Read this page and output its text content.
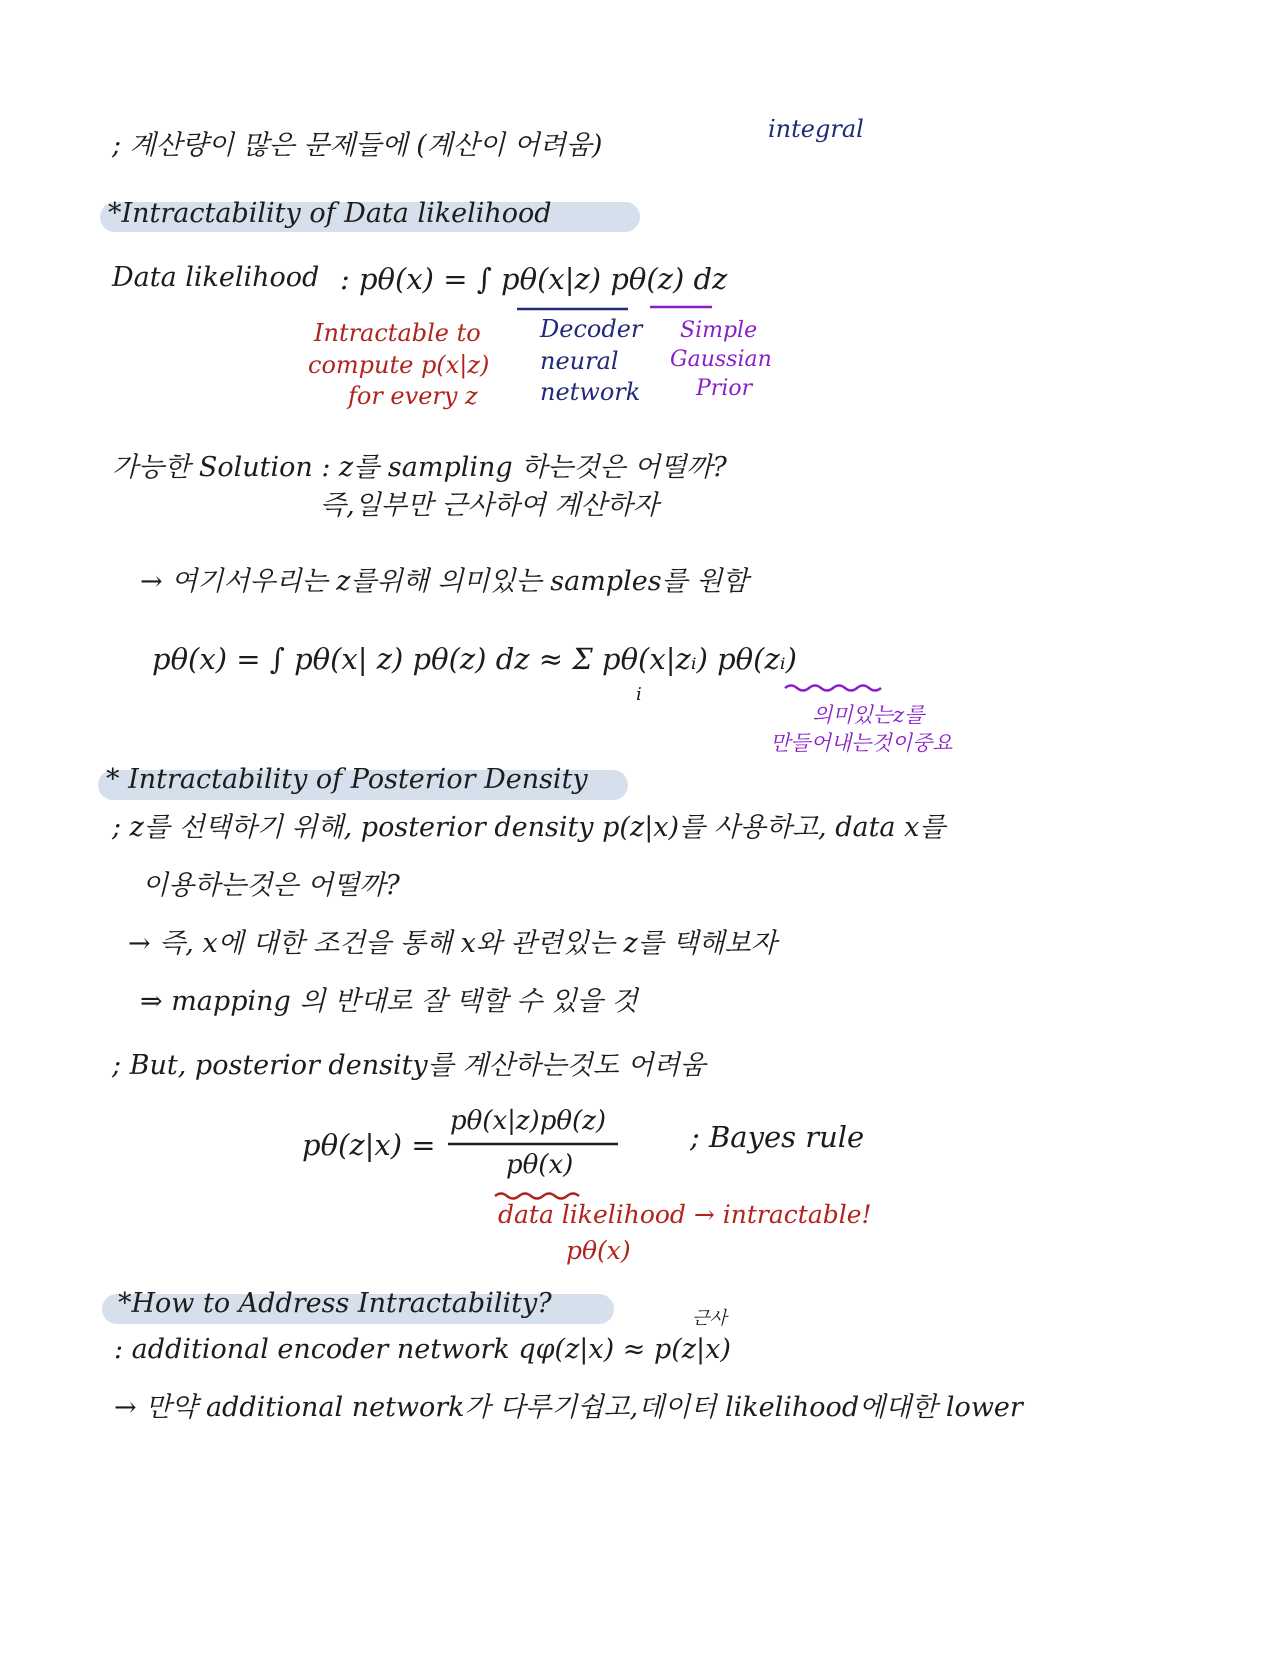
; 계산량이 많은 문제들에 (계산이 어려움)
integral
*Intractability of Data likelihood
Data likelihood : pθ(x) = ∫ pθ(x|z) pθ(z) dz
Intractable to
compute p(x|z)
for every z
Decoder
neural
network
Simple
Gaussian
Prior
가능한 Solution : z를 sampling 하는것은 어떨까?
즉,일부만 근사하여 계산하자
→ 여기서우리는 z를위해 의미있는 samples를 원함
pθ(x) = ∫ pθ(x| z) pθ(z) dz ≈ Σ pθ(x|zᵢ) pθ(zᵢ)
i
의미있는z를
만들어내는것이중요
* Intractability of Posterior Density
; z를 선택하기 위해, posterior density p(z|x)를 사용하고, data x를
이용하는것은 어떨까?
→ 즉, x에 대한 조건을 통해 x와 관련있는 z를 택해보자
⇒ mapping 의 반대로 잘 택할 수 있을 것
; But, posterior density를 계산하는것도 어려움
pθ(z|x) =
pθ(x|z)pθ(z)
pθ(x)
; Bayes rule
data likelihood → intractable!
pθ(x)
*How to Address Intractability?	근사
: additional encoder network qφ(z|x) ≈ p(z|x)
→ 만약 additional network가 다루기쉽고,데이터 likelihood에대한 lower
